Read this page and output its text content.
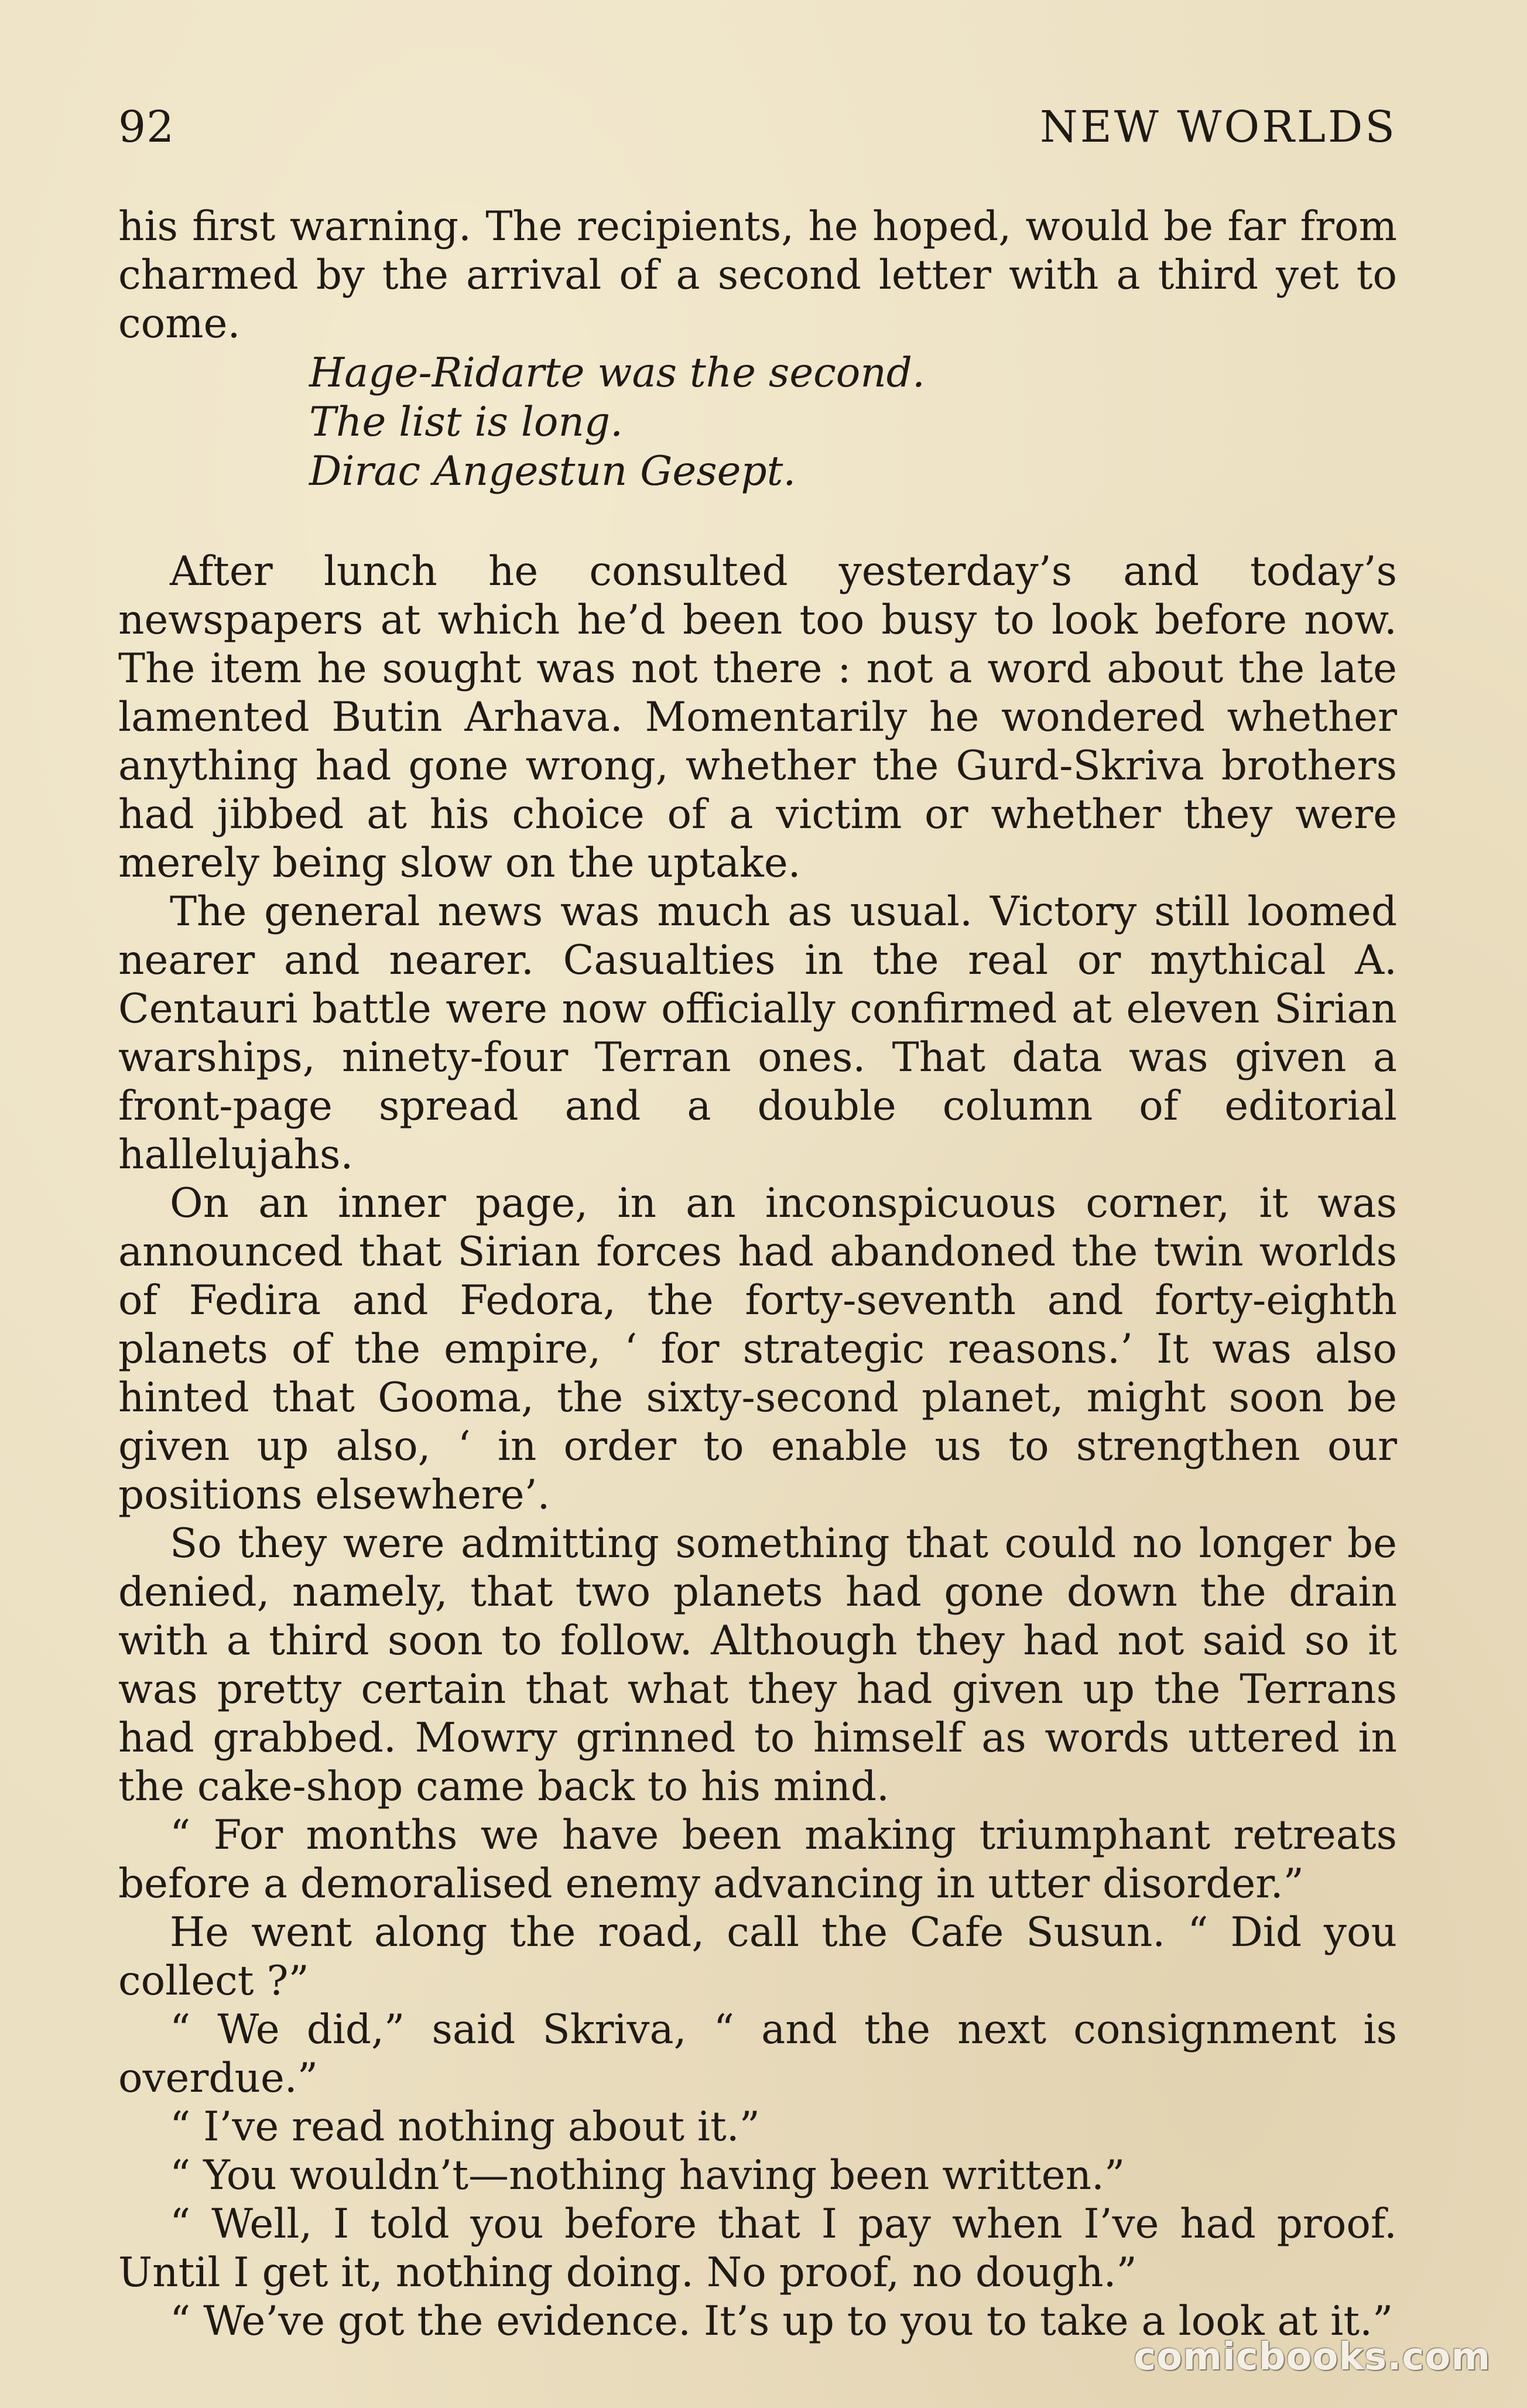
92	NEW WORLDS

his first warning. The recipients, he hoped, would be far from charmed by the arrival of a second letter with a third yet to come.

Hage-Ridarte was the second.
The list is long.
Dirac Angestun Gesept.

After lunch he consulted yesterday’s and today’s newspapers at which he’d been too busy to look before now. The item he sought was not there : not a word about the late lamented Butin Arhava. Momentarily he wondered whether anything had gone wrong, whether the Gurd-Skriva brothers had jibbed at his choice of a victim or whether they were merely being slow on the uptake.

The general news was much as usual. Victory still loomed nearer and nearer. Casualties in the real or mythical A. Centauri battle were now officially confirmed at eleven Sirian warships, ninety-four Terran ones. That data was given a front-page spread and a double column of editorial hallelujahs.

On an inner page, in an inconspicuous corner, it was announced that Sirian forces had abandoned the twin worlds of Fedira and Fedora, the forty-seventh and forty-eighth planets of the empire, ‘ for strategic reasons.’ It was also hinted that Gooma, the sixty-second planet, might soon be given up also, ‘ in order to enable us to strengthen our positions elsewhere’.

So they were admitting something that could no longer be denied, namely, that two planets had gone down the drain with a third soon to follow. Although they had not said so it was pretty certain that what they had given up the Terrans had grabbed. Mowry grinned to himself as words uttered in the cake-shop came back to his mind.

“ For months we have been making triumphant retreats before a demoralised enemy advancing in utter disorder.”

He went along the road, call the Cafe Susun. “ Did you collect ?”

“ We did,” said Skriva, “ and the next consignment is overdue.”

“ I’ve read nothing about it.”

“ You wouldn’t—nothing having been written.”

“ Well, I told you before that I pay when I’ve had proof. Until I get it, nothing doing. No proof, no dough.”

“ We’ve got the evidence. It’s up to you to take a look at it.”

comicbooks.com
